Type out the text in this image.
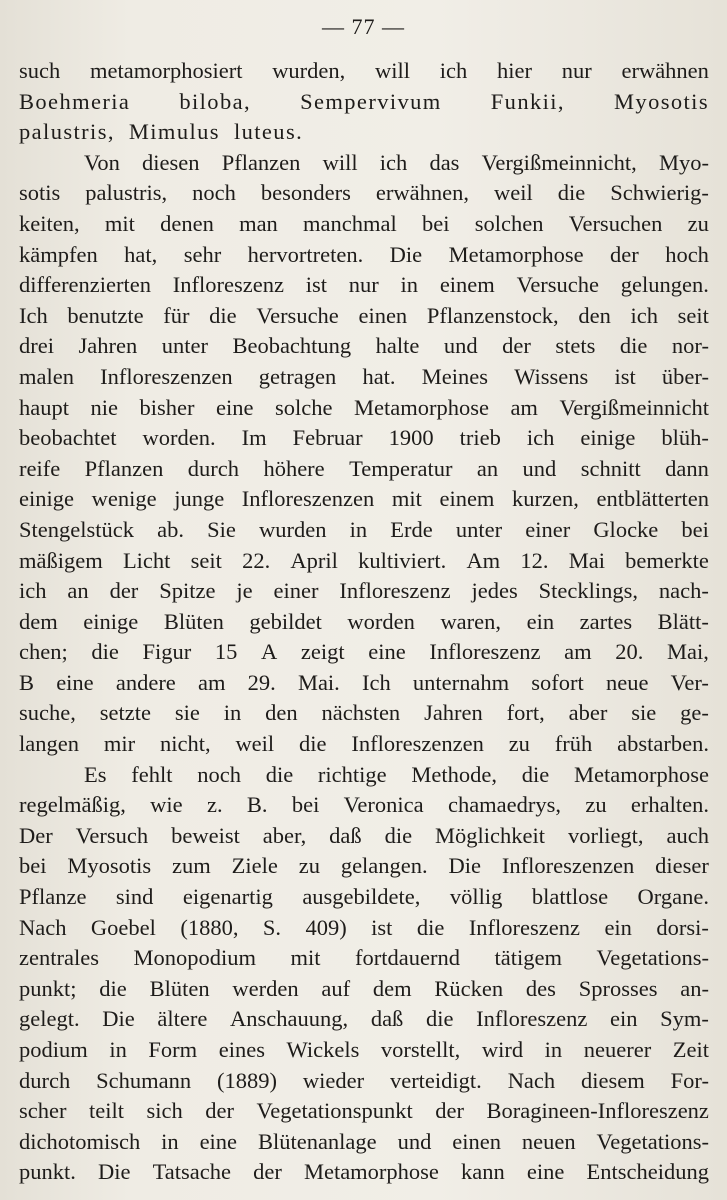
— 77 —
such metamorphosiert wurden, will ich hier nur erwähnen
Boehmeria biloba, Sempervivum Funkii, Myosotis
palustris, Mimulus luteus.
Von diesen Pflanzen will ich das Vergißmeinnicht, Myo-
sotis palustris, noch besonders erwähnen, weil die Schwierig-
keiten, mit denen man manchmal bei solchen Versuchen zu
kämpfen hat, sehr hervortreten. Die Metamorphose der hoch
differenzierten Infloreszenz ist nur in einem Versuche gelungen.
Ich benutzte für die Versuche einen Pflanzenstock, den ich seit
drei Jahren unter Beobachtung halte und der stets die nor-
malen Infloreszenzen getragen hat. Meines Wissens ist über-
haupt nie bisher eine solche Metamorphose am Vergißmeinnicht
beobachtet worden. Im Februar 1900 trieb ich einige blüh-
reife Pflanzen durch höhere Temperatur an und schnitt dann
einige wenige junge Infloreszenzen mit einem kurzen, entblätterten
Stengelstück ab. Sie wurden in Erde unter einer Glocke bei
mäßigem Licht seit 22. April kultiviert. Am 12. Mai bemerkte
ich an der Spitze je einer Infloreszenz jedes Stecklings, nach-
dem einige Blüten gebildet worden waren, ein zartes Blätt-
chen; die Figur 15 A zeigt eine Infloreszenz am 20. Mai,
B eine andere am 29. Mai. Ich unternahm sofort neue Ver-
suche, setzte sie in den nächsten Jahren fort, aber sie ge-
langen mir nicht, weil die Infloreszenzen zu früh abstarben.
Es fehlt noch die richtige Methode, die Metamorphose
regelmäßig, wie z. B. bei Veronica chamaedrys, zu erhalten.
Der Versuch beweist aber, daß die Möglichkeit vorliegt, auch
bei Myosotis zum Ziele zu gelangen. Die Infloreszenzen dieser
Pflanze sind eigenartig ausgebildete, völlig blattlose Organe.
Nach Goebel (1880, S. 409) ist die Infloreszenz ein dorsi-
zentrales Monopodium mit fortdauernd tätigem Vegetations-
punkt; die Blüten werden auf dem Rücken des Sprosses an-
gelegt. Die ältere Anschauung, daß die Infloreszenz ein Sym-
podium in Form eines Wickels vorstellt, wird in neuerer Zeit
durch Schumann (1889) wieder verteidigt. Nach diesem For-
scher teilt sich der Vegetationspunkt der Boragineen-Infloreszenz
dichotomisch in eine Blütenanlage und einen neuen Vegetations-
punkt. Die Tatsache der Metamorphose kann eine Entscheidung
